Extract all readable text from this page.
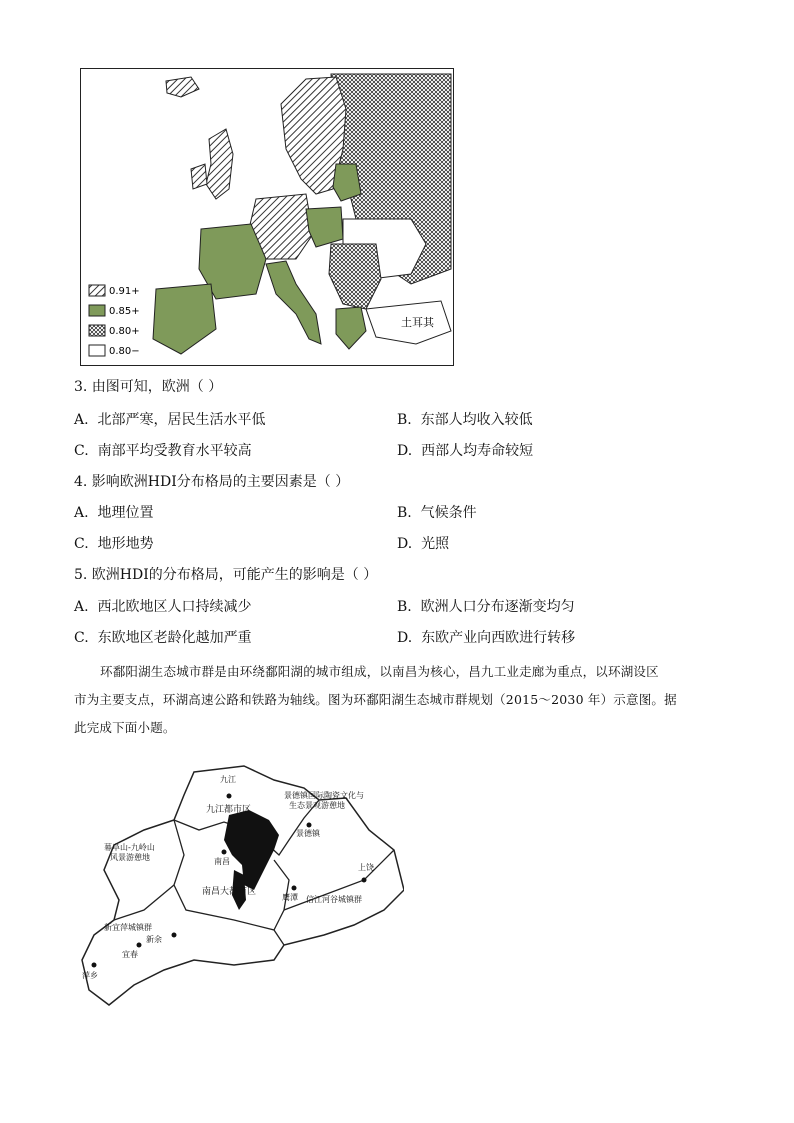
土耳其
0.91+
0.85+
0.80+
0.80−
3. 由图可知，欧洲（ ）
A. 北部严寒，居民生活水平低	B. 东部人均收入较低
C. 南部平均受教育水平较高	D. 西部人均寿命较短
4. 影响欧洲HDI分布格局的主要因素是（ ）
A. 地理位置	B. 气候条件
C. 地形地势	D. 光照
5. 欧洲HDI的分布格局，可能产生的影响是（ ）
A. 西北欧地区人口持续减少	B. 欧洲人口分布逐渐变均匀
C. 东欧地区老龄化越加严重	D. 东欧产业向西欧进行转移

环鄱阳湖生态城市群是由环绕鄱阳湖的城市组成，以南昌为核心，昌九工业走廊为重点，以环湖设区

市为主要支点，环湖高速公路和铁路为轴线。图为环鄱阳湖生态城市群规划（2015～2030 年）示意图。据
此完成下面小题。
九江
九江都市区
景德镇国际陶瓷文化与
生态景观游憩地
景德镇
幕阜山-九岭山
风景游憩地	南昌
南昌大都市区
上饶
鹰潭 信江河谷城镇群
新宜萍城镇群
新余
宜春
萍乡
